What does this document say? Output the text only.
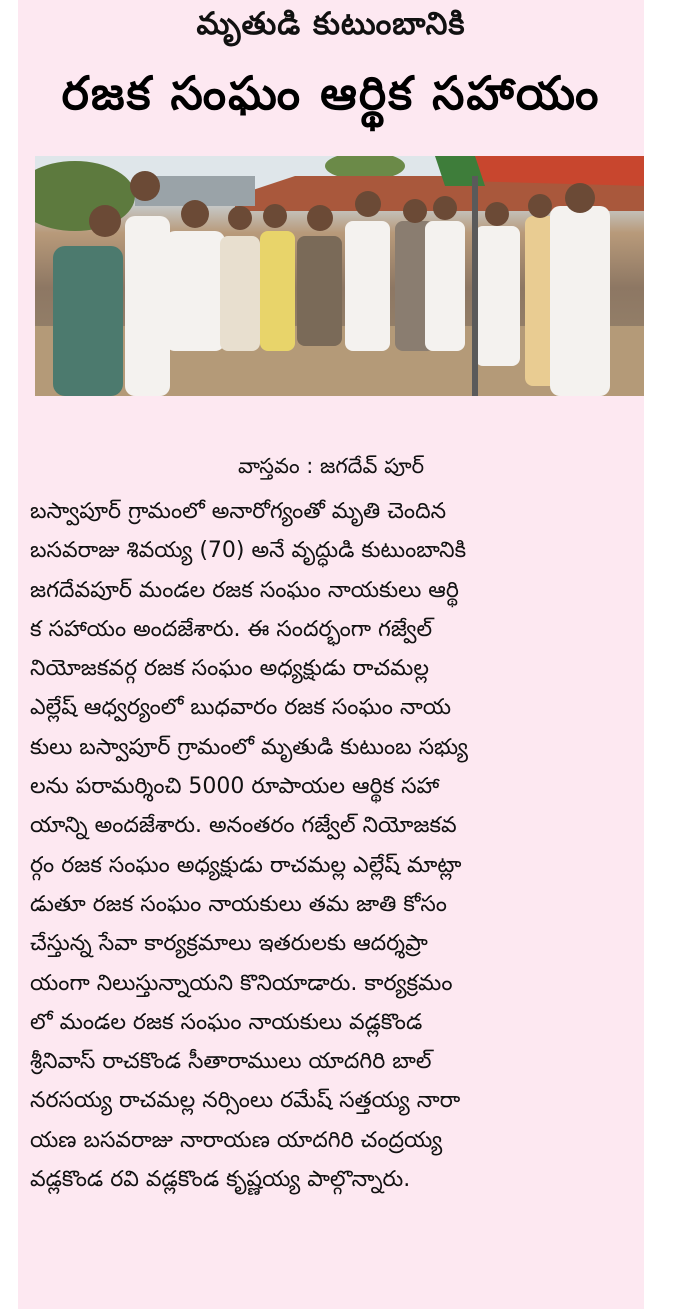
మృతుడి కుటుంబానికి
రజక సంఘం ఆర్థిక సహాయం
వాస్తవం : జగదేవ్ పూర్
బస్వాపూర్ గ్రామంలో అనారోగ్యంతో మృతి చెందిన
బసవరాజు శివయ్య (70) అనే వృద్ధుడి కుటుంబానికి
జగదేవపూర్ మండల రజక సంఘం నాయకులు ఆర్థి
క సహాయం అందజేశారు. ఈ సందర్భంగా గజ్వేల్
నియోజకవర్గ రజక సంఘం అధ్యక్షుడు రాచమల్ల
ఎల్లేష్ ఆధ్వర్యంలో బుధవారం రజక సంఘం నాయ
కులు బస్వాపూర్ గ్రామంలో మృతుడి కుటుంబ సభ్యు
లను పరామర్శించి 5000 రూపాయల ఆర్థిక సహా
యాన్ని అందజేశారు. అనంతరం గజ్వేల్ నియోజకవ
ర్గం రజక సంఘం అధ్యక్షుడు రాచమల్ల ఎల్లేష్ మాట్లా
డుతూ రజక సంఘం నాయకులు తమ జాతి కోసం
చేస్తున్న సేవా కార్యక్రమాలు ఇతరులకు ఆదర్శప్రా
యంగా నిలుస్తున్నాయని కొనియాడారు. కార్యక్రమం
లో మండల రజక సంఘం నాయకులు వడ్లకొండ
శ్రీనివాస్ రాచకొండ సీతారాములు యాదగిరి బాల్
నరసయ్య రాచమల్ల నర్సింలు రమేష్ సత్తయ్య నారా
యణ బసవరాజు నారాయణ యాదగిరి చంద్రయ్య
వడ్లకొండ రవి వడ్లకొండ కృష్ణయ్య పాల్గొన్నారు.
